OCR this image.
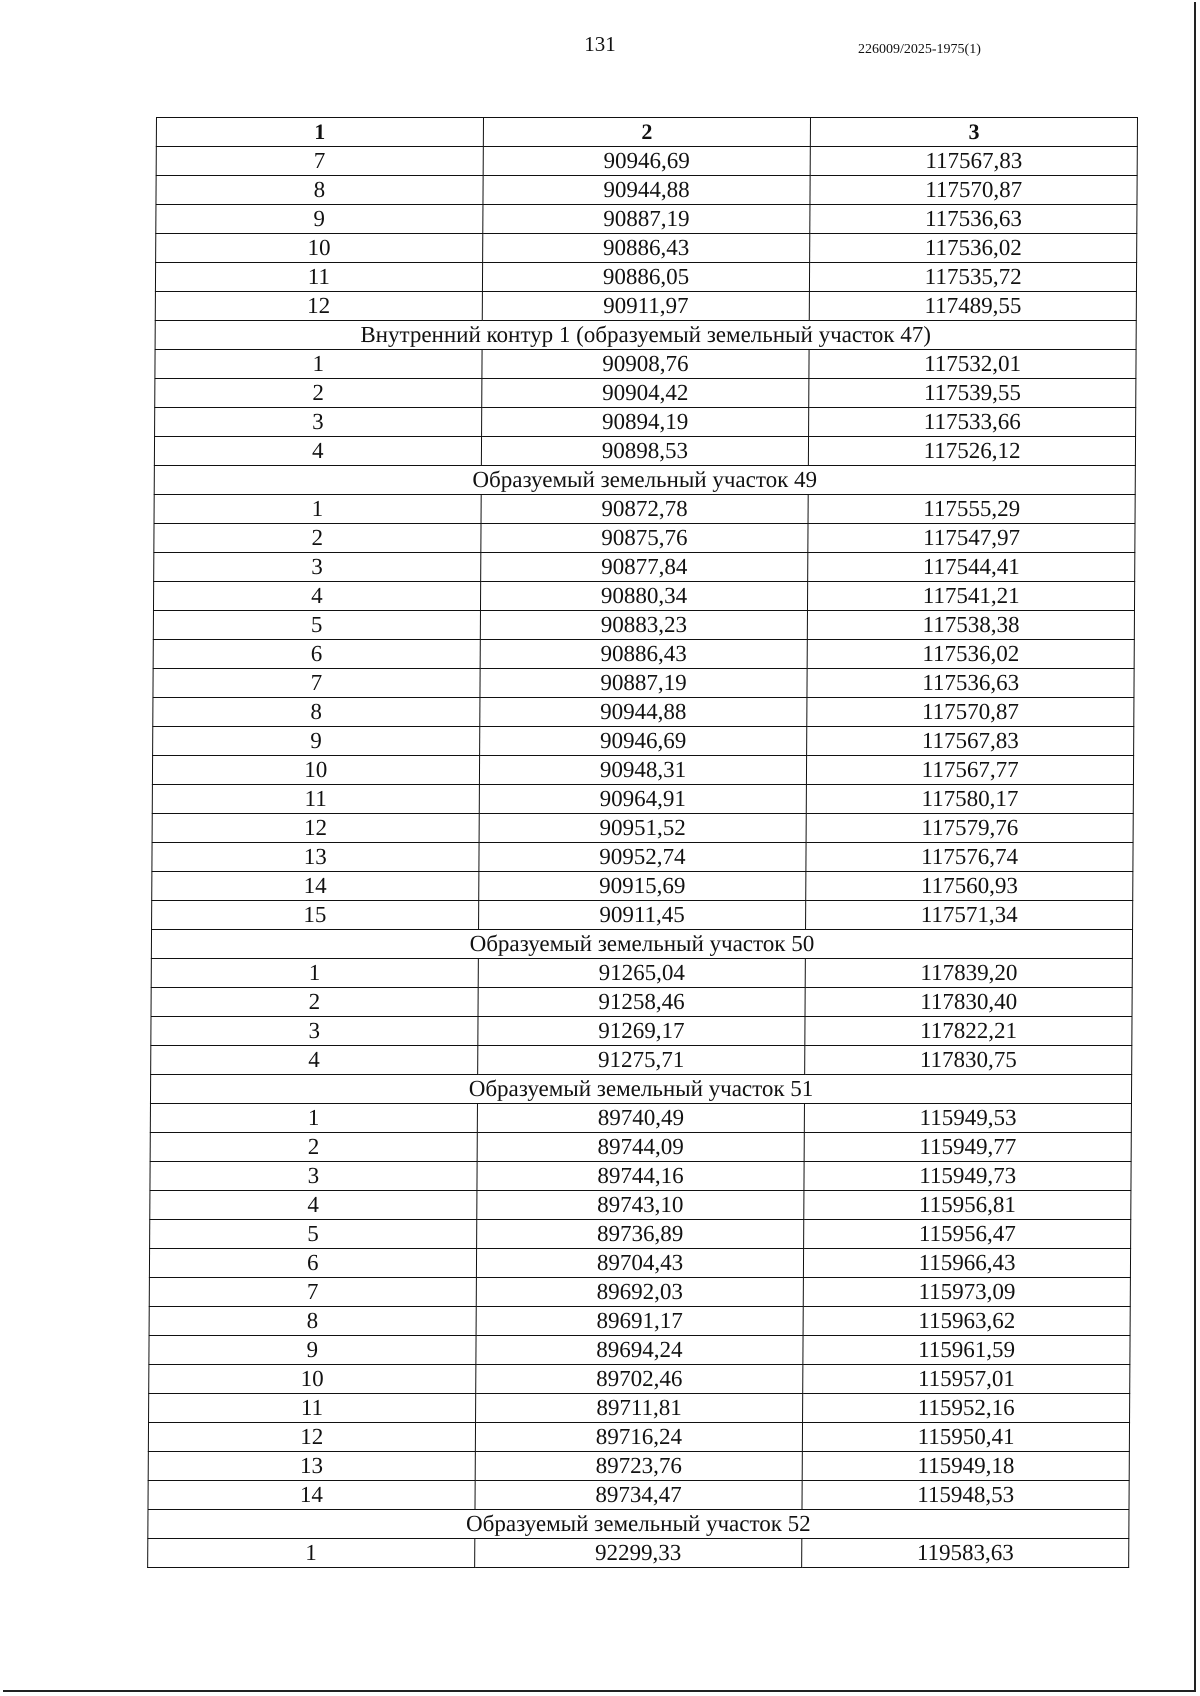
131	226009/2025-1975(1)
1	2	3
7	90946,69	117567,83
8	90944,88	117570,87
9	90887,19	117536,63
10	90886,43	117536,02
11	90886,05	117535,72
12	90911,97	117489,55
Внутренний контур 1 (образуемый земельный участок 47)		
1	90908,76	117532,01
2	90904,42	117539,55
3	90894,19	117533,66
4	90898,53	117526,12
Образуемый земельный участок 49		
1	90872,78	117555,29
2	90875,76	117547,97
3	90877,84	117544,41
4	90880,34	117541,21
5	90883,23	117538,38
6	90886,43	117536,02
7	90887,19	117536,63
8	90944,88	117570,87
9	90946,69	117567,83
10	90948,31	117567,77
11	90964,91	117580,17
12	90951,52	117579,76
13	90952,74	117576,74
14	90915,69	117560,93
15	90911,45	117571,34
Образуемый земельный участок 50		
1	91265,04	117839,20
2	91258,46	117830,40
3	91269,17	117822,21
4	91275,71	117830,75
Образуемый земельный участок 51		
1	89740,49	115949,53
2	89744,09	115949,77
3	89744,16	115949,73
4	89743,10	115956,81
5	89736,89	115956,47
6	89704,43	115966,43
7	89692,03	115973,09
8	89691,17	115963,62
9	89694,24	115961,59
10	89702,46	115957,01
11	89711,81	115952,16
12	89716,24	115950,41
13	89723,76	115949,18
14	89734,47	115948,53
Образуемый земельный участок 52		
1	92299,33	119583,63
